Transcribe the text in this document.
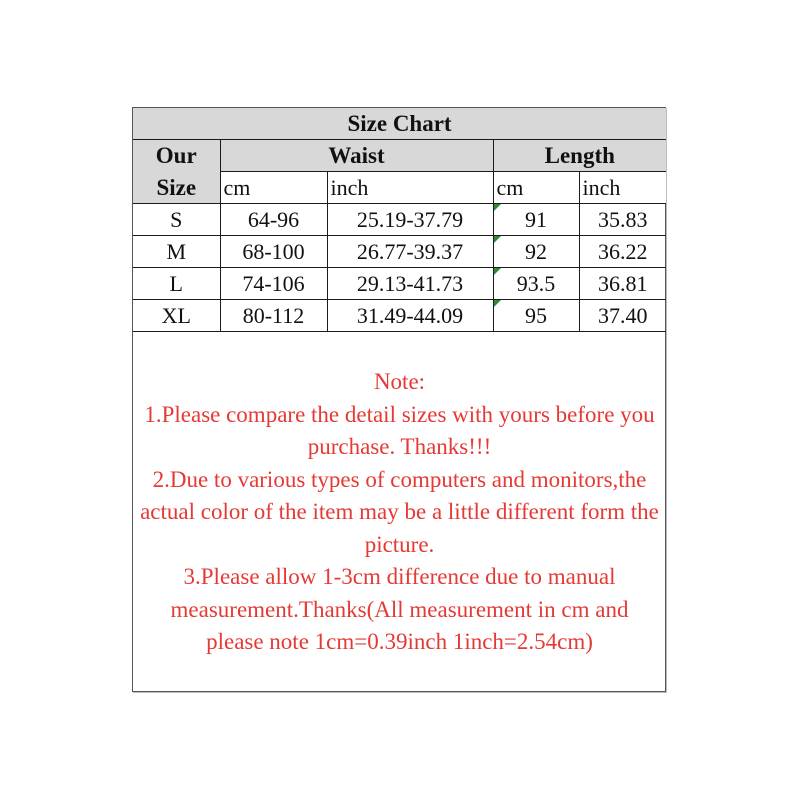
Size Chart				
Our	Waist		Length	
Size	cm	inch	cm	inch
S	64-96	25.19-37.79	91	35.83
M	68-100	26.77-39.37	92	36.22
L	74-106	29.13-41.73	93.5	36.81
XL	80-112	31.49-44.09	95	37.40

Note:

1.Please compare the detail sizes with yours before you purchase. Thanks!!!

2.Due to various types of computers and monitors,the actual color of the item may be a little different form the picture.

3.Please allow 1-3cm difference due to manual measurement.Thanks(All measurement in cm and please note 1cm=0.39inch 1inch=2.54cm)
